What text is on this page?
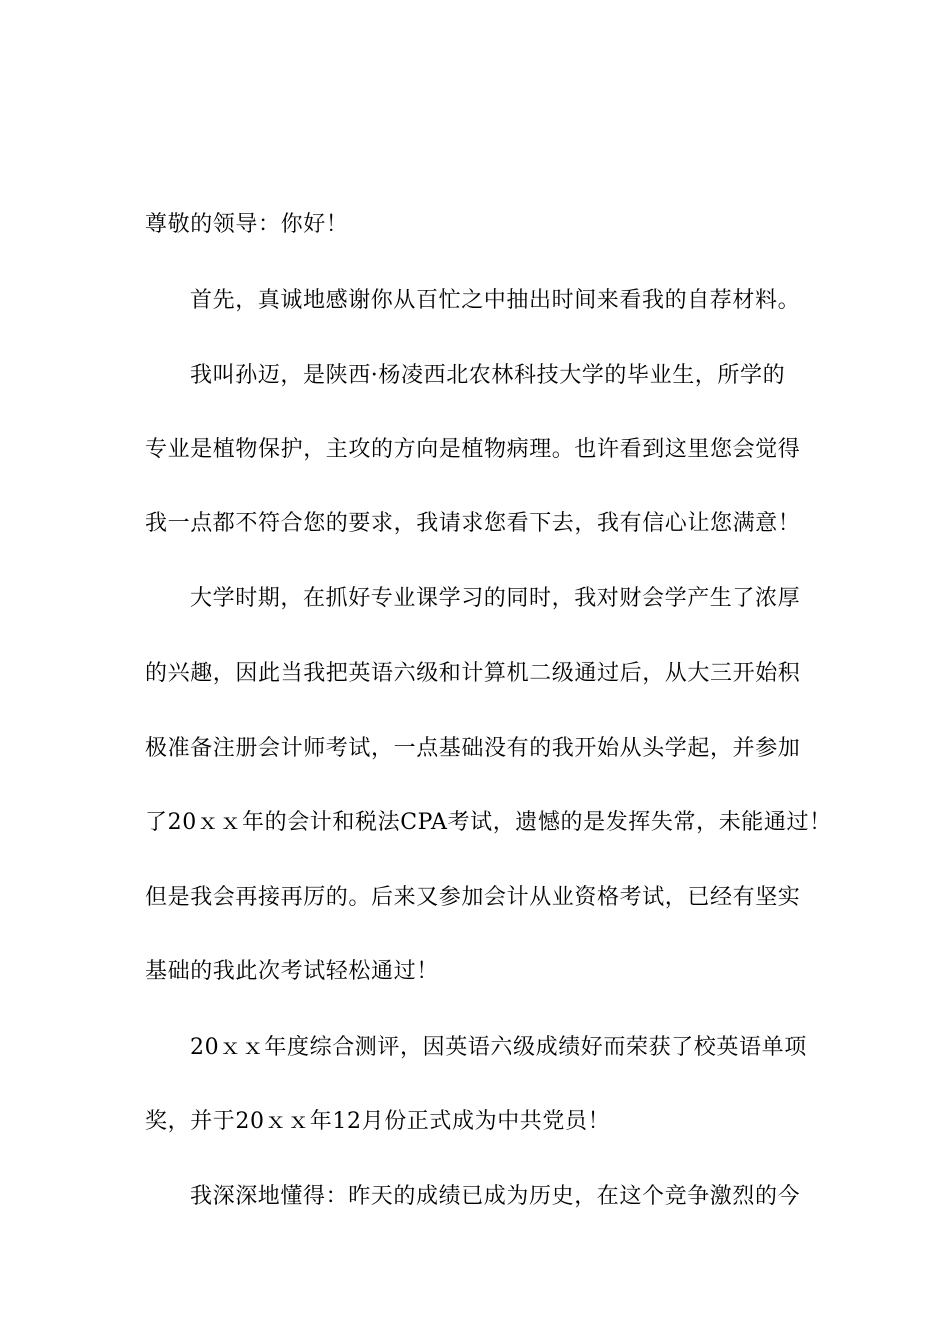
尊敬的领导：你好！
首先，真诚地感谢你从百忙之中抽出时间来看我的自荐材料。
我叫孙迈，是陕西·杨凌西北农林科技大学的毕业生，所学的
专业是植物保护，主攻的方向是植物病理。也许看到这里您会觉得
我一点都不符合您的要求，我请求您看下去，我有信心让您满意！
大学时期，在抓好专业课学习的同时，我对财会学产生了浓厚
的兴趣，因此当我把英语六级和计算机二级通过后，从大三开始积
极准备注册会计师考试，一点基础没有的我开始从头学起，并参加
了20ｘｘ年的会计和税法CPA考试，遗憾的是发挥失常，未能通过！
但是我会再接再厉的。后来又参加会计从业资格考试，已经有坚实
基础的我此次考试轻松通过！
20ｘｘ年度综合测评，因英语六级成绩好而荣获了校英语单项
奖，并于20ｘｘ年12月份正式成为中共党员！
我深深地懂得：昨天的成绩已成为历史，在这个竞争激烈的今
